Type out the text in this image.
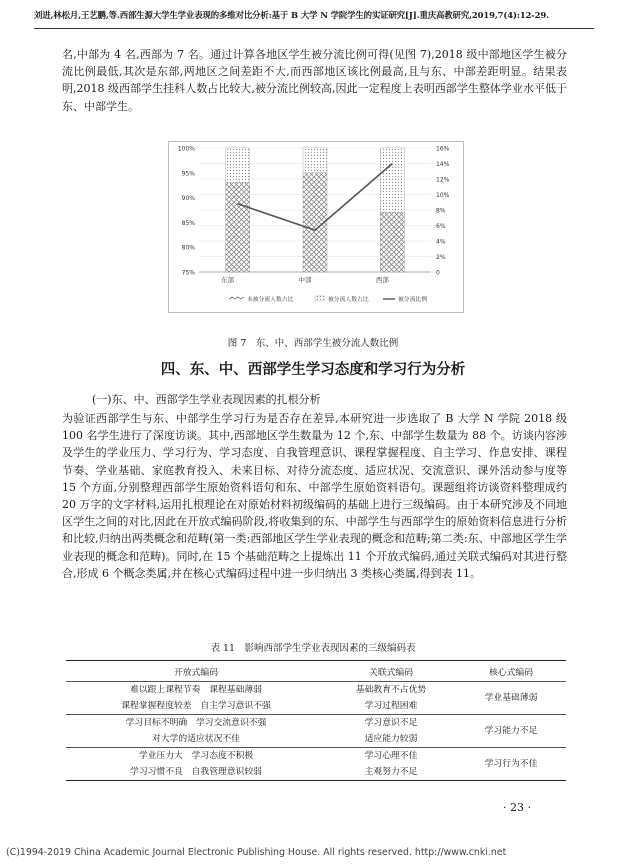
刘进,林松月,王艺鹏,等.西部生源大学生学业表现的多维对比分析:基于 B 大学 N 学院学生的实证研究[J].重庆高教研究,2019,7(4):12-29.

名,中部为 4 名,西部为 7 名。通过计算各地区学生被分流比例可得(见图 7),2018 级中部地区学生被分流比例最低,其次是东部,两地区之间差距不大,而西部地区该比例最高,且与东、中部差距明显。结果表明,2018 级西部学生挂科人数占比较大,被分流比例较高,因此一定程度上表明西部学生整体学业水平低于东、中部学生。

100%
95%
90%
85%
80%
75%
16%
14%
12%
10%
8%
6%
4%
2%
0
东部	中部	西部
未被分流人数占比	被分流人数占比	被分流比例
图 7　东、中、西部学生被分流人数比例
四、东、中、西部学生学习态度和学习行为分析
(一)东、中、西部学生学业表现因素的扎根分析

为验证西部学生与东、中部学生学习行为是否存在差异,本研究进一步选取了 B 大学 N 学院 2018 级 100 名学生进行了深度访谈。其中,西部地区学生数量为 12 个,东、中部学生数量为 88 个。访谈内容涉及学生的学业压力、学习行为、学习态度、自我管理意识、课程掌握程度、自主学习、作息安排、课程节奏、学业基础、家庭教育投入、未来目标、对待分流态度、适应状况、交流意识、课外活动参与度等 15 个方面,分别整理西部学生原始资料语句和东、中部学生原始资料语句。课题组将访谈资料整理成约 20 万字的文字材料,运用扎根理论在对原始材料初级编码的基础上进行三级编码。由于本研究涉及不同地区学生之间的对比,因此在开放式编码阶段,将收集到的东、中部学生与西部学生的原始资料信息进行分析和比较,归纳出两类概念和范畴(第一类:西部地区学生学业表现的概念和范畴;第二类:东、中部地区学生学业表现的概念和范畴)。同时,在 15 个基础范畴之上提炼出 11 个开放式编码,通过关联式编码对其进行整合,形成 6 个概念类属,并在核心式编码过程中进一步归纳出 3 类核心类属,得到表 11。

表 11　影响西部学生学业表现因素的三级编码表
开放式编码	关联式编码	核心式编码
难以跟上课程节奏　课程基础薄弱	基础教育不占优势	学业基础薄弱
课程掌握程度较差　自主学习意识不强	学习过程困难	
学习目标不明确　学习交流意识不强	学习意识不足	学习能力不足
对大学的适应状况不佳	适应能力较弱	
学业压力大　学习态度不积极	学习心理不佳	学习行为不佳
学习习惯不良　自我管理意识较弱	主观努力不足	
· 23 ·
(C)1994-2019 China Academic Journal Electronic Publishing House. All rights reserved. http://www.cnki.net
